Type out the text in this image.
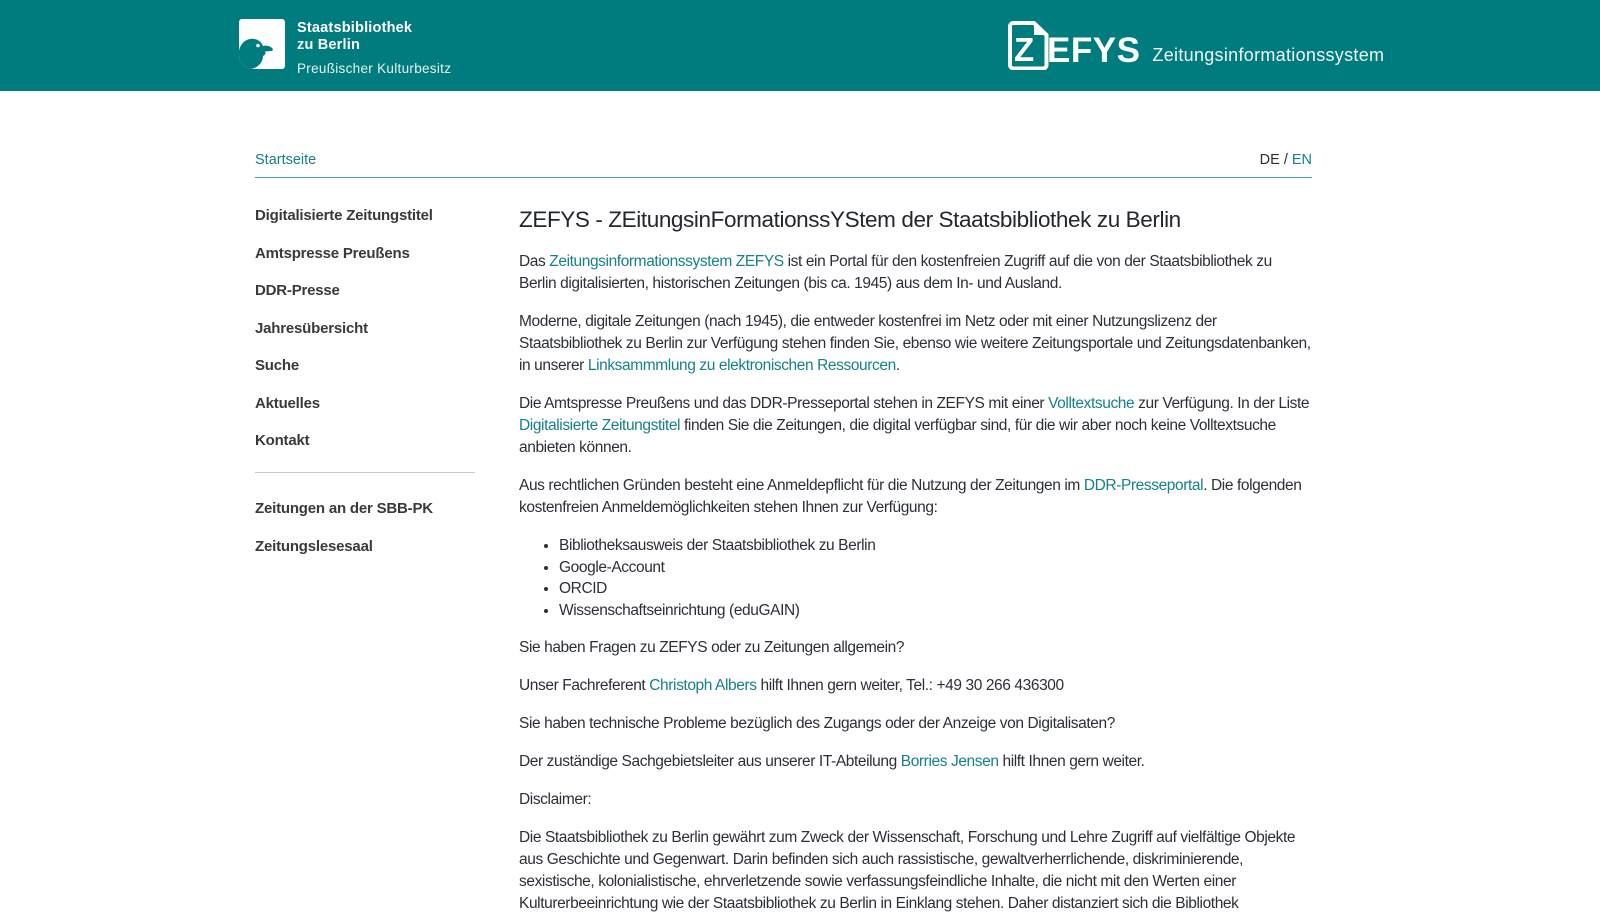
Staatsbibliothek
zu Berlin
Preußischer Kulturbesitz
Z EFYS Zeitungsinformationssystem
Startseite	DE / EN
Digitalisierte Zeitungstitel
Amtspresse Preußens
DDR-Presse
Jahresübersicht
Suche
Aktuelles
Kontakt
Zeitungen an der SBB-PK
Zeitungslesesaal
ZEFYS - ZEitungsinFormationssYStem der Staatsbibliothek zu Berlin

Das Zeitungsinformationssystem ZEFYS ist ein Portal für den kostenfreien Zugriff auf die von der Staatsbibliothek zu Berlin digitalisierten, historischen Zeitungen (bis ca. 1945) aus dem In- und Ausland.

Moderne, digitale Zeitungen (nach 1945), die entweder kostenfrei im Netz oder mit einer Nutzungslizenz der Staatsbibliothek zu Berlin zur Verfügung stehen finden Sie, ebenso wie weitere Zeitungsportale und Zeitungsdatenbanken, in unserer Linksammmlung zu elektronischen Ressourcen.

Die Amtspresse Preußens und das DDR-Presseportal stehen in ZEFYS mit einer Volltextsuche zur Verfügung. In der Liste Digitalisierte Zeitungstitel finden Sie die Zeitungen, die digital verfügbar sind, für die wir aber noch keine Volltextsuche anbieten können.

Aus rechtlichen Gründen besteht eine Anmeldepflicht für die Nutzung der Zeitungen im DDR-Presseportal. Die folgenden kostenfreien Anmeldemöglichkeiten stehen Ihnen zur Verfügung:

• Bibliotheksausweis der Staatsbibliothek zu Berlin
• Google-Account
• ORCID
• Wissenschaftseinrichtung (eduGAIN)

Sie haben Fragen zu ZEFYS oder zu Zeitungen allgemein?

Unser Fachreferent Christoph Albers hilft Ihnen gern weiter, Tel.: +49 30 266 436300

Sie haben technische Probleme bezüglich des Zugangs oder der Anzeige von Digitalisaten?

Der zuständige Sachgebietsleiter aus unserer IT-Abteilung Borries Jensen hilft Ihnen gern weiter.

Disclaimer:

Die Staatsbibliothek zu Berlin gewährt zum Zweck der Wissenschaft, Forschung und Lehre Zugriff auf vielfältige Objekte aus Geschichte und Gegenwart. Darin befinden sich auch rassistische, gewaltverherrlichende, diskriminierende, sexistische, kolonialistische, ehrverletzende sowie verfassungsfeindliche Inhalte, die nicht mit den Werten einer Kulturerbeeinrichtung wie der Staatsbibliothek zu Berlin in Einklang stehen. Daher distanziert sich die Bibliothek
